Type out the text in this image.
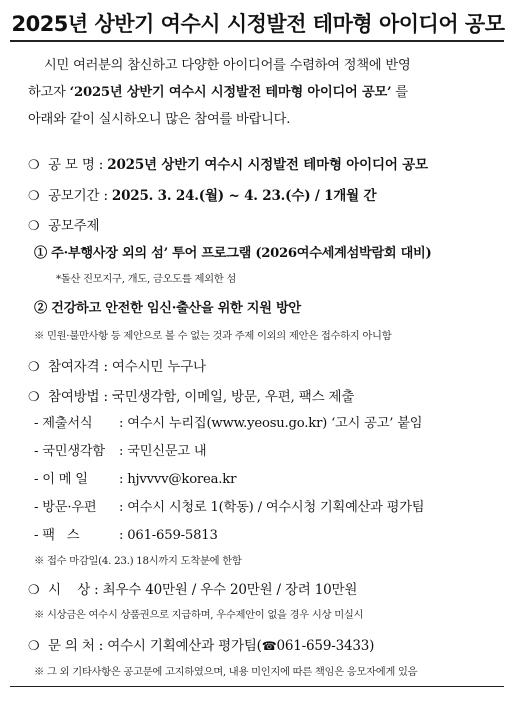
2025년 상반기 여수시 시정발전 테마형 아이디어 공모
시민 여러분의 참신하고 다양한 아이디어를 수렴하여 정책에 반영
하고자 ‘2025년 상반기 여수시 시정발전 테마형 아이디어 공모’ 를
아래와 같이 실시하오니 많은 참여를 바랍니다.
❍ 공 모 명 : 2025년 상반기 여수시 시정발전 테마형 아이디어 공모
❍ 공모기간 : 2025. 3. 24.(월) ~ 4. 23.(수) / 1개월 간
❍ 공모주제
① 주·부행사장 외의 섬’ 투어 프로그램 (2026여수세계섬박람회 대비)
*돌산 진모지구, 개도, 금오도를 제외한 섬
② 건강하고 안전한 임신·출산을 위한 지원 방안
※ 민원·불만사항 등 제안으로 볼 수 없는 것과 주제 이외의 제안은 접수하지 아니함
❍ 참여자격 : 여수시민 누구나
❍ 참여방법 : 국민생각함, 이메일, 방문, 우편, 팩스 제출
- 제출서식 : 여수시 누리집(www.yeosu.go.kr) ‘고시 공고’ 붙임
- 국민생각함 : 국민신문고 내
- 이 메 일 : hjvvvv@korea.kr
- 방문·우편 : 여수시 시청로 1(학동) / 여수시청 기획예산과 평가팀
- 팩   스	: 061-659-5813
※ 접수 마감일(4. 23.) 18시까지 도착분에 한함
❍ 시    상 : 최우수 40만원 / 우수 20만원 / 장려 10만원
※ 시상금은 여수시 상품권으로 지급하며, 우수제안이 없을 경우 시상 미실시
❍ 문 의 처 : 여수시 기획예산과 평가팀(☎061-659-3433)
※ 그 외 기타사항은 공고문에 고지하였으며, 내용 미인지에 따른 책임은 응모자에게 있음
